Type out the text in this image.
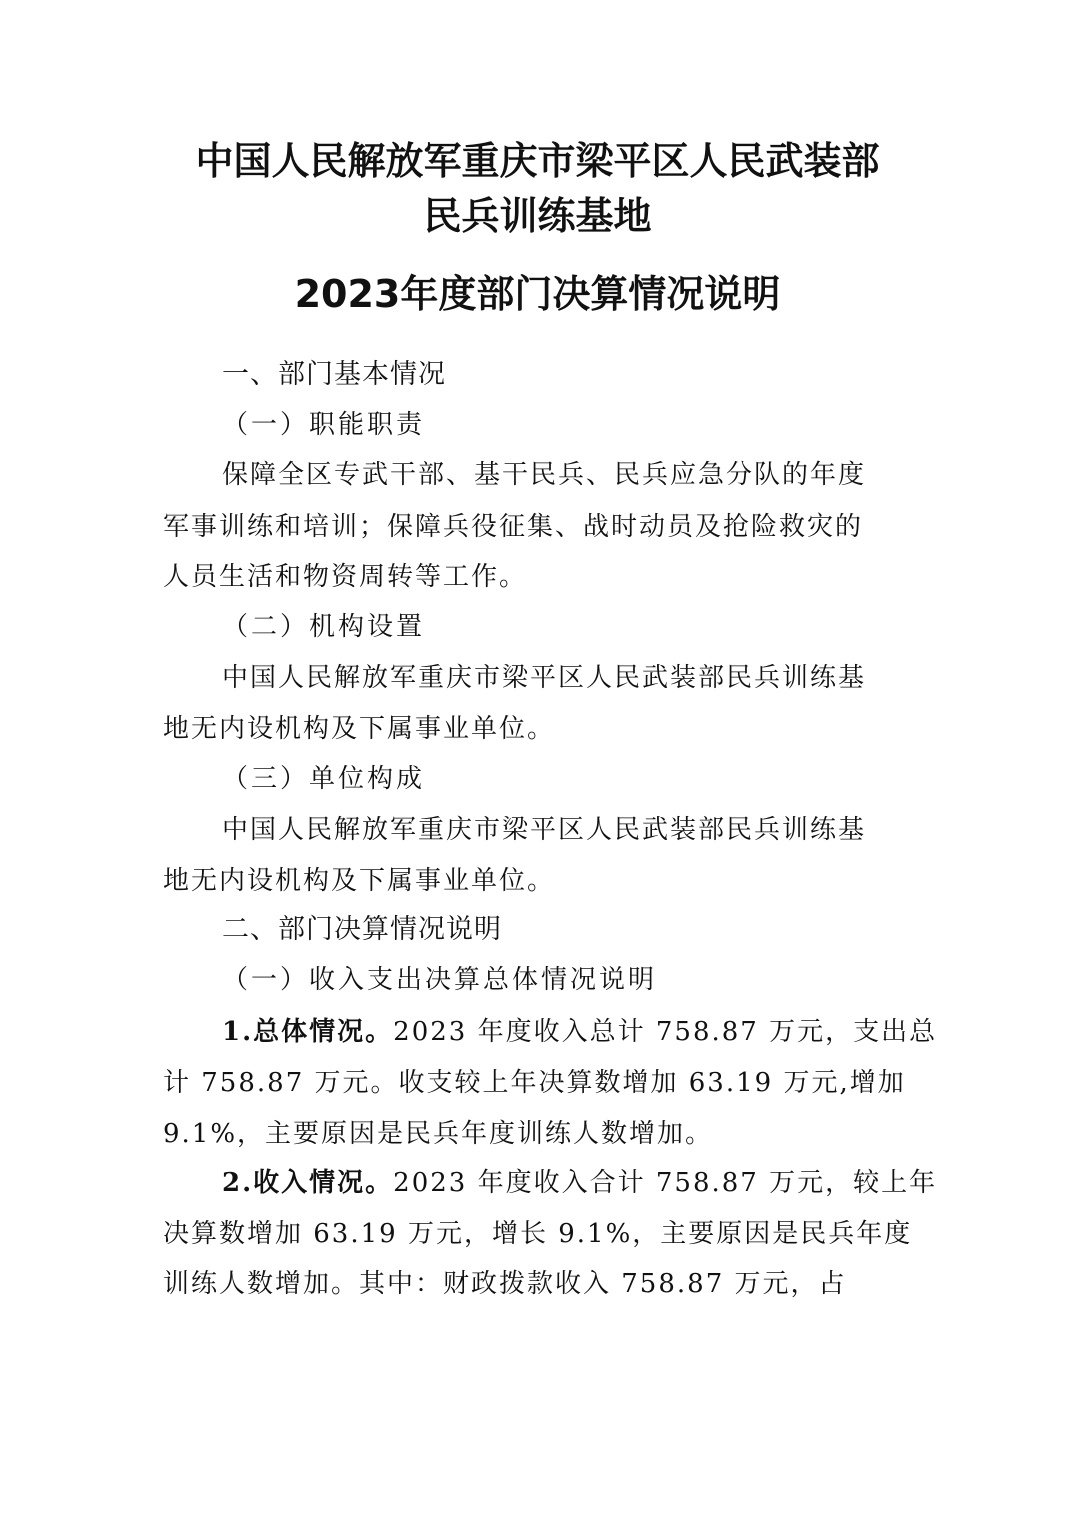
中国人民解放军重庆市梁平区人民武装部
民兵训练基地
2023年度部门决算情况说明
一、部门基本情况
（一）职能职责
保障全区专武干部、基干民兵、民兵应急分队的年度
军事训练和培训；保障兵役征集、战时动员及抢险救灾的
人员生活和物资周转等工作。
（二）机构设置
中国人民解放军重庆市梁平区人民武装部民兵训练基
地无内设机构及下属事业单位。
（三）单位构成
中国人民解放军重庆市梁平区人民武装部民兵训练基
地无内设机构及下属事业单位。
二、部门决算情况说明
（一）收入支出决算总体情况说明
1.总体情况。2023 年度收入总计 758.87 万元，支出总
计 758.87 万元。收支较上年决算数增加 63.19 万元,增加
9.1%，主要原因是民兵年度训练人数增加。
2.收入情况。2023 年度收入合计 758.87 万元，较上年
决算数增加 63.19 万元，增长 9.1%，主要原因是民兵年度
训练人数增加。其中：财政拨款收入 758.87 万元，占
